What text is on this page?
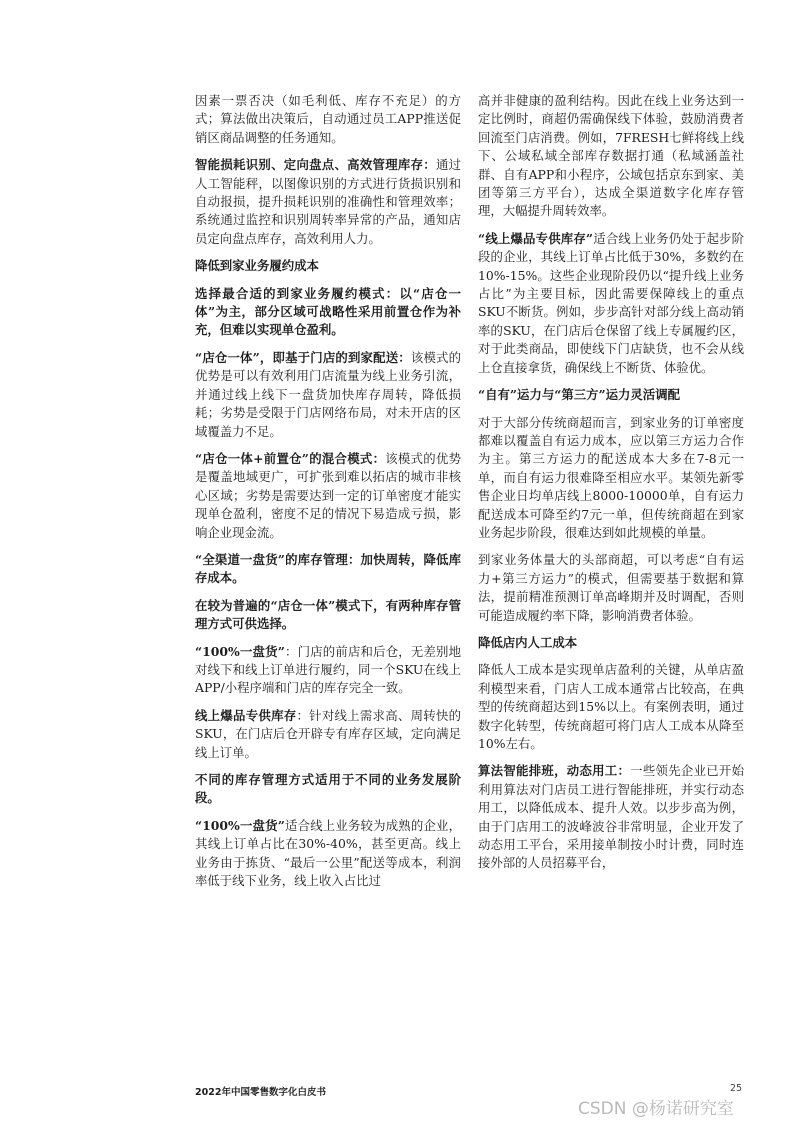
因素一票否决（如毛利低、库存不充足）的方式；算法做出决策后，自动通过员工APP推送促销区商品调整的任务通知。

智能损耗识别、定向盘点、高效管理库存：通过人工智能秤，以图像识别的方式进行货损识别和自动报损，提升损耗识别的准确性和管理效率；系统通过监控和识别周转率异常的产品，通知店员定向盘点库存，高效利用人力。

降低到家业务履约成本

选择最合适的到家业务履约模式：以“店仓一体”为主，部分区域可战略性采用前置仓作为补充，但难以实现单仓盈利。

“店仓一体”，即基于门店的到家配送：该模式的优势是可以有效利用门店流量为线上业务引流，并通过线上线下一盘货加快库存周转，降低损耗；劣势是受限于门店网络布局，对未开店的区域覆盖力不足。

“店仓一体+前置仓”的混合模式：该模式的优势是覆盖地域更广，可扩张到难以拓店的城市非核心区域；劣势是需要达到一定的订单密度才能实现单仓盈利，密度不足的情况下易造成亏损，影响企业现金流。

“全渠道一盘货”的库存管理：加快周转，降低库存成本。

在较为普遍的“店仓一体”模式下，有两种库存管理方式可供选择。

“100%一盘货”：门店的前店和后仓，无差别地对线下和线上订单进行履约，同一个SKU在线上APP/小程序端和门店的库存完全一致。

线上爆品专供库存：针对线上需求高、周转快的SKU，在门店后仓开辟专有库存区域，定向满足线上订单。

不同的库存管理方式适用于不同的业务发展阶段。

“100%一盘货”适合线上业务较为成熟的企业，其线上订单占比在30%-40%，甚至更高。线上业务由于拣货、“最后一公里”配送等成本，利润率低于线下业务，线上收入占比过

高并非健康的盈利结构。因此在线上业务达到一定比例时，商超仍需确保线下体验，鼓励消费者回流至门店消费。例如，7FRESH七鲜将线上线下、公域私域全部库存数据打通（私域涵盖社群、自有APP和小程序，公域包括京东到家、美团等第三方平台），达成全渠道数字化库存管理，大幅提升周转效率。

“线上爆品专供库存”适合线上业务仍处于起步阶段的企业，其线上订单占比低于30%，多数约在10%-15%。这些企业现阶段仍以“提升线上业务占比”为主要目标，因此需要保障线上的重点SKU不断货。例如，步步高针对部分线上高动销率的SKU，在门店后仓保留了线上专属履约区，对于此类商品，即使线下门店缺货，也不会从线上仓直接拿货，确保线上不断货、体验优。

“自有”运力与“第三方”运力灵活调配

对于大部分传统商超而言，到家业务的订单密度都难以覆盖自有运力成本，应以第三方运力合作为主。第三方运力的配送成本大多在7-8元一单，而自有运力很难降至相应水平。某领先新零售企业日均单店线上8000-10000单，自有运力配送成本可降至约7元一单，但传统商超在到家业务起步阶段，很难达到如此规模的单量。

到家业务体量大的头部商超，可以考虑“自有运力+第三方运力”的模式，但需要基于数据和算法，提前精准预测订单高峰期并及时调配，否则可能造成履约率下降，影响消费者体验。

降低店内人工成本

降低人工成本是实现单店盈利的关键，从单店盈利模型来看，门店人工成本通常占比较高，在典型的传统商超达到15%以上。有案例表明，通过数字化转型，传统商超可将门店人工成本从降至10%左右。

算法智能排班，动态用工：一些领先企业已开始利用算法对门店员工进行智能排班，并实行动态用工，以降低成本、提升人效。以步步高为例，由于门店用工的波峰波谷非常明显，企业开发了动态用工平台，采用接单制按小时计费，同时连接外部的人员招募平台，

2022年中国零售数字化白皮书	25
CSDN @杨诺研究室
